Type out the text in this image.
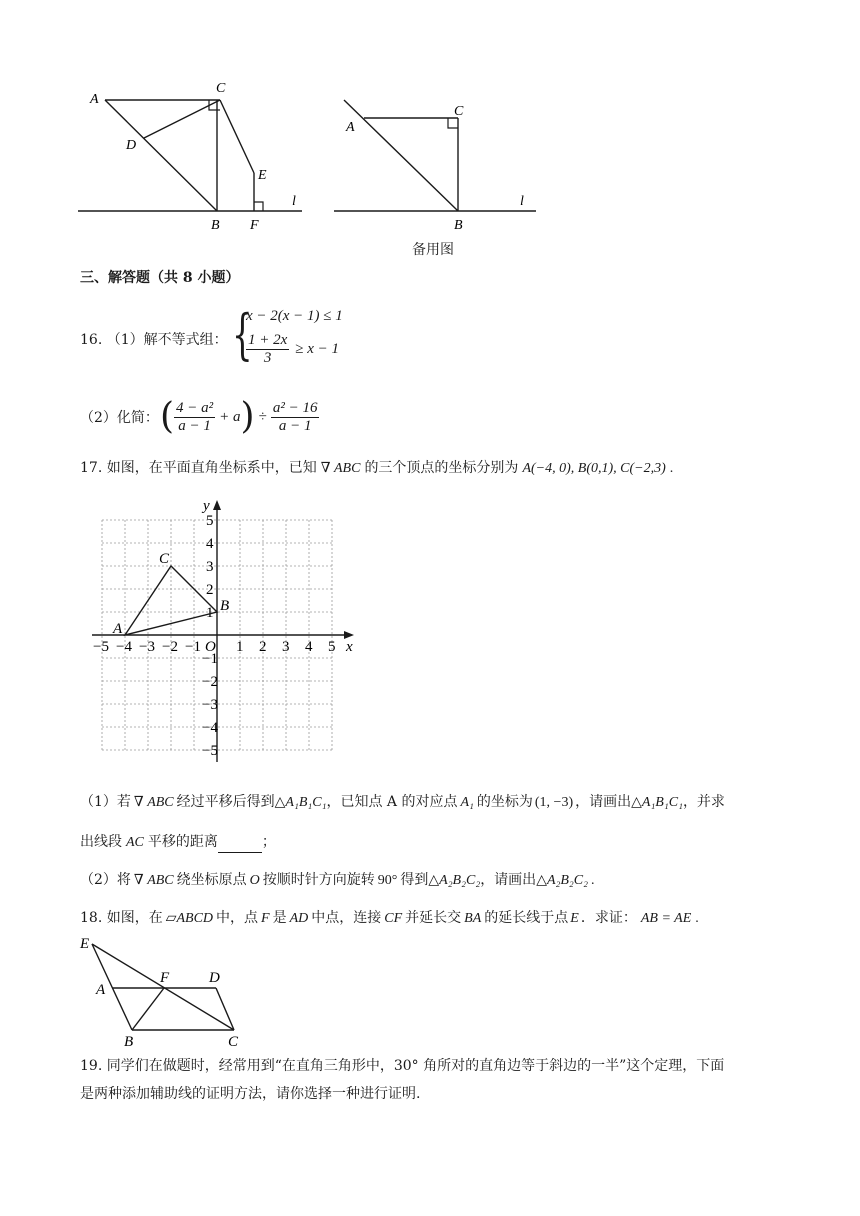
A
C
D
E
B F
l
A
C
B
l
备用图
三、解答题（共 8 小题）
16. （1）解不等式组： {
x − 2(x − 1) ≤ 1
$\frac{1 + 2x}{3} \ge x - 1$
（2）化简： ( $\frac{\text{4 − a²}}{a - 1} + a$ ) ÷ $\frac{\text{a² − 16}}{a - 1}$
17. 如图，在平面直角坐标系中，已知 ∇ ABC 的三个顶点的坐标分别为 A(−4, 0), B(0,1), C(−2,3) .
−5 −4 −3 −2 −1 1 2 3 4 5
5
4
3
2
1
−1
−2
−3
−4
−5
O	x
y
A
B
C
（1）若 ∇ ABC 经过平移后得到△A₁B₁C₁，已知点 A 的对应点 A₁ 的坐标为 (1, −3) ，请画出△A₁B₁C₁，并求
出线段 AC 平移的距离	；
（2）将 ∇ ABC 绕坐标原点 O 按顺时针方向旋转 90° 得到△A₂B₂C₂，请画出△A₂B₂C₂ .
18. 如图，在 ▱ABCD 中，点 F 是 AD 中点，连接 CF 并延长交 BA 的延长线于点 E ．求证： AB = AE .
E
F	D
A
B	C
19. 同学们在做题时，经常用到“在直角三角形中，30° 角所对的直角边等于斜边的一半”这个定理，下面
是两种添加辅助线的证明方法，请你选择一种进行证明.
